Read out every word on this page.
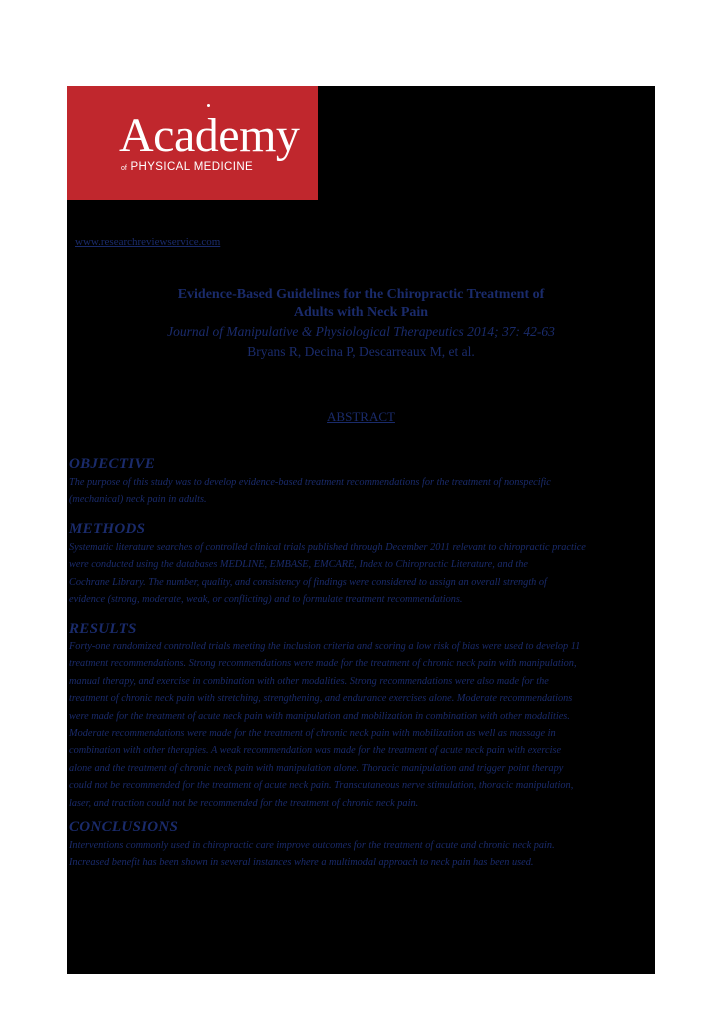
Academy
of PHYSICAL MEDICINE
www.researchreviewservice.com
Evidence-Based Guidelines for the Chiropractic Treatment of
Adults with Neck Pain
Journal of Manipulative & Physiological Therapeutics 2014; 37: 42-63
Bryans R, Decina P, Descarreaux M, et al.
ABSTRACT
OBJECTIVE
The purpose of this study was to develop evidence-based treatment recommendations for the treatment of nonspecific
(mechanical) neck pain in adults.
METHODS
Systematic literature searches of controlled clinical trials published through December 2011 relevant to chiropractic practice
were conducted using the databases MEDLINE, EMBASE, EMCARE, Index to Chiropractic Literature, and the
Cochrane Library. The number, quality, and consistency of findings were considered to assign an overall strength of
evidence (strong, moderate, weak, or conflicting) and to formulate treatment recommendations.
RESULTS
Forty-one randomized controlled trials meeting the inclusion criteria and scoring a low risk of bias were used to develop 11
treatment recommendations. Strong recommendations were made for the treatment of chronic neck pain with manipulation,
manual therapy, and exercise in combination with other modalities. Strong recommendations were also made for the
treatment of chronic neck pain with stretching, strengthening, and endurance exercises alone. Moderate recommendations
were made for the treatment of acute neck pain with manipulation and mobilization in combination with other modalities.
Moderate recommendations were made for the treatment of chronic neck pain with mobilization as well as massage in
combination with other therapies. A weak recommendation was made for the treatment of acute neck pain with exercise
alone and the treatment of chronic neck pain with manipulation alone. Thoracic manipulation and trigger point therapy
could not be recommended for the treatment of acute neck pain. Transcutaneous nerve stimulation, thoracic manipulation,
laser, and traction could not be recommended for the treatment of chronic neck pain.
CONCLUSIONS
Interventions commonly used in chiropractic care improve outcomes for the treatment of acute and chronic neck pain.
Increased benefit has been shown in several instances where a multimodal approach to neck pain has been used.
